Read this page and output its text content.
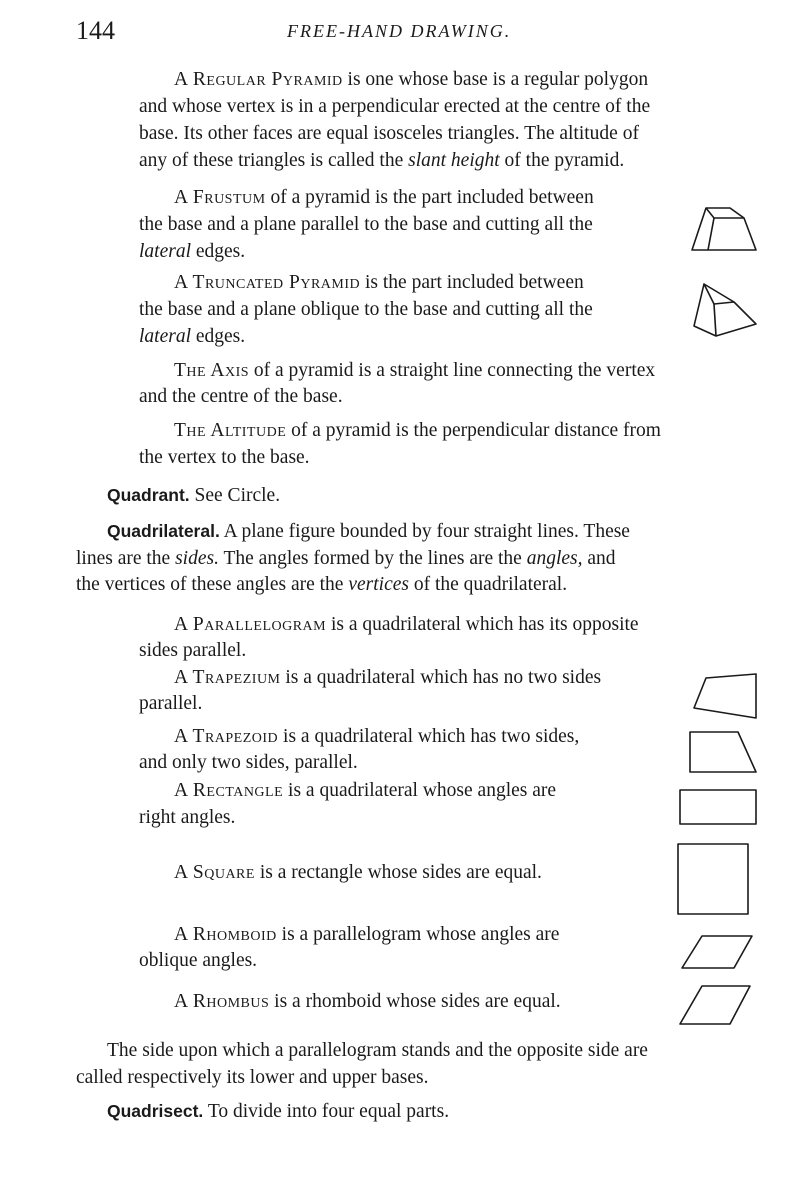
144	FREE-HAND DRAWING.
A Regular Pyramid is one whose base is a regular polygon
and whose vertex is in a perpendicular erected at the centre of the
base. Its other faces are equal isosceles triangles. The altitude of
any of these triangles is called the slant height of the pyramid.
A Frustum of a pyramid is the part included between
the base and a plane parallel to the base and cutting all the
lateral edges.
A Truncated Pyramid is the part included between
the base and a plane oblique to the base and cutting all the
lateral edges.
The Axis of a pyramid is a straight line connecting the vertex
and the centre of the base.
The Altitude of a pyramid is the perpendicular distance from
the vertex to the base.
Quadrant. See Circle.
Quadrilateral. A plane figure bounded by four straight lines. These
lines are the sides. The angles formed by the lines are the angles, and
the vertices of these angles are the vertices of the quadrilateral.
A Parallelogram is a quadrilateral which has its opposite
sides parallel.
A Trapezium is a quadrilateral which has no two sides
parallel.
A Trapezoid is a quadrilateral which has two sides,
and only two sides, parallel.
A Rectangle is a quadrilateral whose angles are
right angles.
A Square is a rectangle whose sides are equal.
A Rhomboid is a parallelogram whose angles are
oblique angles.
A Rhombus is a rhomboid whose sides are equal.
The side upon which a parallelogram stands and the opposite side are
called respectively its lower and upper bases.
Quadrisect. To divide into four equal parts.
